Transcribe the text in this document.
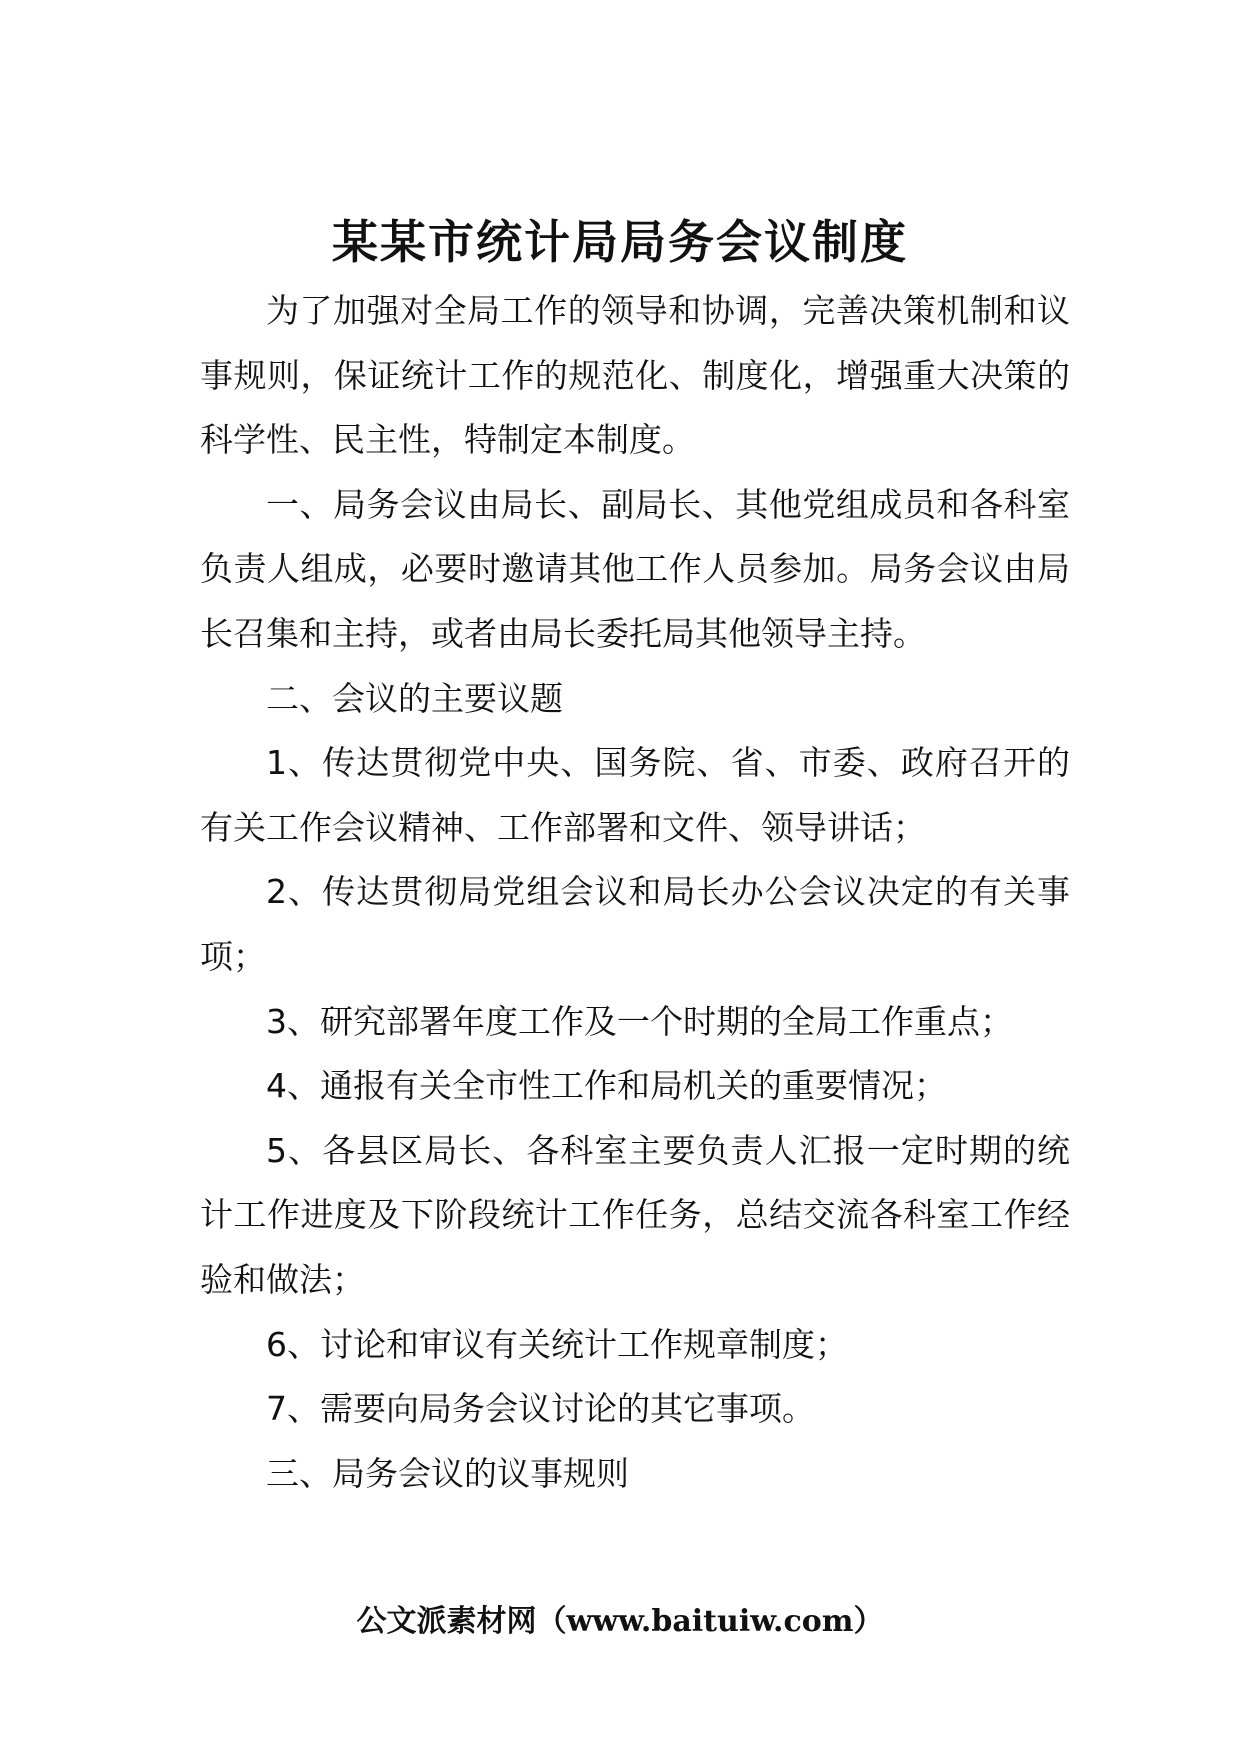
某某市统计局局务会议制度

为了加强对全局工作的领导和协调，完善决策机制和议事规则，保证统计工作的规范化、制度化，增强重大决策的科学性、民主性，特制定本制度。

一、局务会议由局长、副局长、其他党组成员和各科室负责人组成，必要时邀请其他工作人员参加。局务会议由局长召集和主持，或者由局长委托局其他领导主持。

二、会议的主要议题

1、传达贯彻党中央、国务院、省、市委、政府召开的有关工作会议精神、工作部署和文件、领导讲话；

2、传达贯彻局党组会议和局长办公会议决定的有关事项；

3、研究部署年度工作及一个时期的全局工作重点；

4、通报有关全市性工作和局机关的重要情况；

5、各县区局长、各科室主要负责人汇报一定时期的统计工作进度及下阶段统计工作任务，总结交流各科室工作经验和做法；

6、讨论和审议有关统计工作规章制度；

7、需要向局务会议讨论的其它事项。

三、局务会议的议事规则

公文派素材网（www.baituiw.com）
